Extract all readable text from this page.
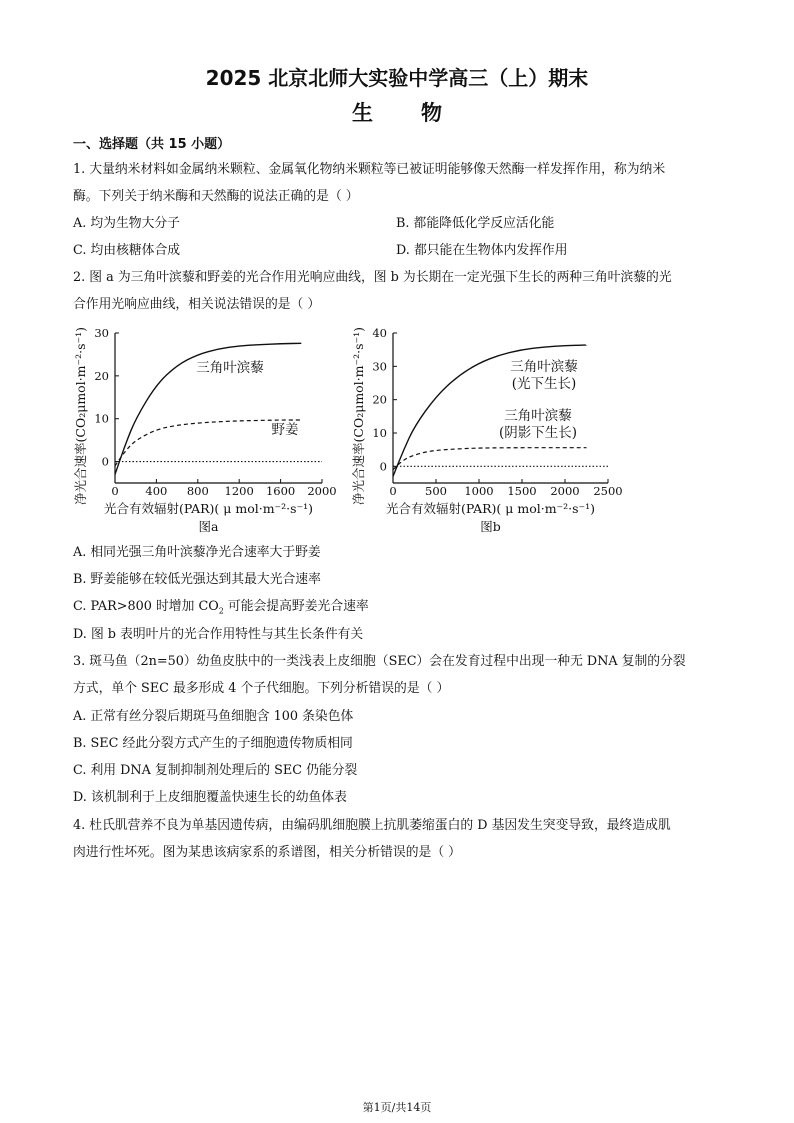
2025 北京北师大实验中学高三（上）期末
生物
一、选择题（共 15 小题）
1. 大量纳米材料如金属纳米颗粒、金属氧化物纳米颗粒等已被证明能够像天然酶一样发挥作用，称为纳米
酶。下列关于纳米酶和天然酶的说法正确的是（ ）
A. 均为生物大分子	B. 都能降低化学反应活化能
C. 均由核糖体合成	D. 都只能在生物体内发挥作用
2. 图 a 为三角叶滨藜和野姜的光合作用光响应曲线，图 b 为长期在一定光强下生长的两种三角叶滨藜的光
合作用光响应曲线，相关说法错误的是（ ）
0 400 800 1200 1600 2000
0
10
20
30
三角叶滨藜
野姜
光合有效辐射(PAR)( μ mol·m⁻²·s⁻¹)
净光合速率(CO₂μmol·m⁻²·s⁻¹)
图a
0 500 1000 1500 2000 2500
0
10
20
30
40
三角叶滨藜
(光下生长)
三角叶滨藜
(阴影下生长)
光合有效辐射(PAR)( μ mol·m⁻²·s⁻¹)
净光合速率(CO₂μmol·m⁻²·s⁻¹)
图b
A. 相同光强三角叶滨藜净光合速率大于野姜
B. 野姜能够在较低光强达到其最大光合速率
C. PAR>800 时增加 $CO_2$ 可能会提高野姜光合速率
D. 图 b 表明叶片的光合作用特性与其生长条件有关
3. 斑马鱼（2n=50）幼鱼皮肤中的一类浅表上皮细胞（SEC）会在发育过程中出现一种无 DNA 复制的分裂
方式，单个 SEC 最多形成 4 个子代细胞。下列分析错误的是（ ）
A. 正常有丝分裂后期斑马鱼细胞含 100 条染色体
B. SEC 经此分裂方式产生的子细胞遗传物质相同
C. 利用 DNA 复制抑制剂处理后的 SEC 仍能分裂
D. 该机制利于上皮细胞覆盖快速生长的幼鱼体表
4. 杜氏肌营养不良为单基因遗传病，由编码肌细胞膜上抗肌萎缩蛋白的 D 基因发生突变导致，最终造成肌
肉进行性坏死。图为某患该病家系的系谱图，相关分析错误的是（ ）
第1页/共14页
